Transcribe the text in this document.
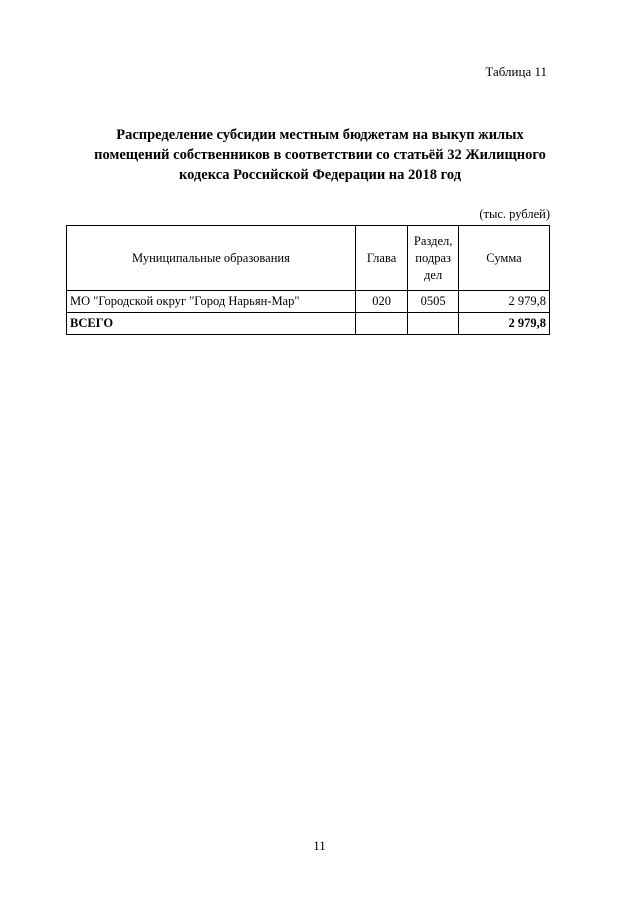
Таблица 11
Распределение субсидии местным бюджетам на выкуп жилых
помещений собственников в соответствии со статьёй 32 Жилищного
кодекса Российской Федерации на 2018 год
(тыс. рублей)
Муниципальные образования	Глава	Раздел,
подраз
дел	Сумма
МО "Городской округ "Город Нарьян-Мар"	020	0505	2 979,8
ВСЕГО			2 979,8
11
